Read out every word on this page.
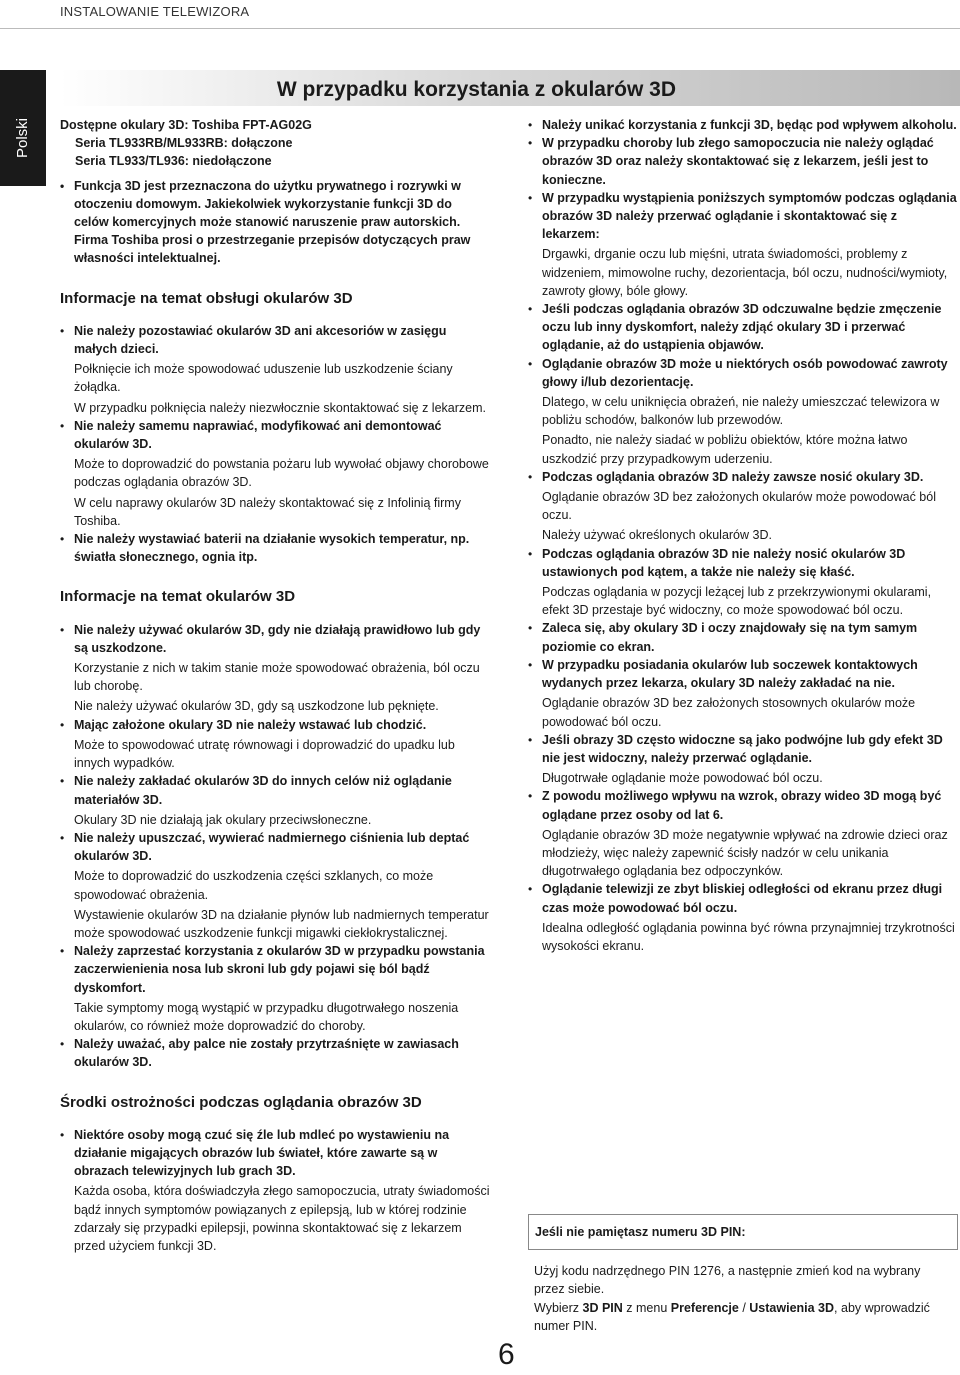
INSTALOWANIE TELEWIZORA
Polski
W przypadku korzystania z okularów 3D

Dostępne okulary 3D: Toshiba FPT-AG02G

Seria TL933RB/ML933RB: dołączone

Seria TL933/TL936: niedołączone

• Funkcja 3D jest przeznaczona do użytku prywatnego i rozrywki w otoczeniu domowym. Jakiekolwiek wykorzystanie funkcji 3D do celów komercyjnych może stanowić naruszenie praw autorskich. Firma Toshiba prosi o przestrzeganie przepisów dotyczących praw własności intelektualnej.
Informacje na temat obsługi okularów 3D

• Nie należy pozostawiać okularów 3D ani akcesoriów w zasięgu małych dzieci.

Połknięcie ich może spowodować uduszenie lub uszkodzenie ściany żołądka.

W przypadku połknięcia należy niezwłocznie skontaktować się z lekarzem.

• Nie należy samemu naprawiać, modyfikować ani demontować okularów 3D.

Może to doprowadzić do powstania pożaru lub wywołać objawy chorobowe podczas oglądania obrazów 3D.

W celu naprawy okularów 3D należy skontaktować się z Infolinią firmy Toshiba.

• Nie należy wystawiać baterii na działanie wysokich temperatur, np. światła słonecznego, ognia itp.

Informacje na temat okularów 3D

• Nie należy używać okularów 3D, gdy nie działają prawidłowo lub gdy są uszkodzone.

Korzystanie z nich w takim stanie może spowodować obrażenia, ból oczu lub chorobę.

Nie należy używać okularów 3D, gdy są uszkodzone lub pęknięte.

• Mając założone okulary 3D nie należy wstawać lub chodzić.

Może to spowodować utratę równowagi i doprowadzić do upadku lub innych wypadków.

• Nie należy zakładać okularów 3D do innych celów niż oglądanie materiałów 3D.

Okulary 3D nie działają jak okulary przeciwsłoneczne.

• Nie należy upuszczać, wywierać nadmiernego ciśnienia lub deptać okularów 3D.

Może to doprowadzić do uszkodzenia części szklanych, co może spowodować obrażenia.

Wystawienie okularów 3D na działanie płynów lub nadmiernych temperatur może spowodować uszkodzenie funkcji migawki ciekłokrystalicznej.

• Należy zaprzestać korzystania z okularów 3D w przypadku powstania zaczerwienienia nosa lub skroni lub gdy pojawi się ból bądź dyskomfort.

Takie symptomy mogą wystąpić w przypadku długotrwałego noszenia okularów, co również może doprowadzić do choroby.

• Należy uważać, aby palce nie zostały przytrzaśnięte w zawiasach okularów 3D.

Środki ostrożności podczas oglądania obrazów 3D

• Niektóre osoby mogą czuć się źle lub mdleć po wystawieniu na działanie migających obrazów lub świateł, które zawarte są w obrazach telewizyjnych lub grach 3D.

Każda osoba, która doświadczyła złego samopoczucia, utraty świadomości bądź innych symptomów powiązanych z epilepsją, lub w której rodzinie zdarzały się przypadki epilepsji, powinna skontaktować się z lekarzem przed użyciem funkcji 3D.

• Należy unikać korzystania z funkcji 3D, będąc pod wpływem alkoholu.

• W przypadku choroby lub złego samopoczucia nie należy oglądać obrazów 3D oraz należy skontaktować się z lekarzem, jeśli jest to konieczne.

• W przypadku wystąpienia poniższych symptomów podczas oglądania obrazów 3D należy przerwać oglądanie i skontaktować się z lekarzem:

Drgawki, drganie oczu lub mięśni, utrata świadomości, problemy z widzeniem, mimowolne ruchy, dezorientacja, ból oczu, nudności/wymioty, zawroty głowy, bóle głowy.

• Jeśli podczas oglądania obrazów 3D odczuwalne będzie zmęczenie oczu lub inny dyskomfort, należy zdjąć okulary 3D i przerwać oglądanie, aż do ustąpienia objawów.

• Oglądanie obrazów 3D może u niektórych osób powodować zawroty głowy i/lub dezorientację.

Dlatego, w celu uniknięcia obrażeń, nie należy umieszczać telewizora w pobliżu schodów, balkonów lub przewodów.

Ponadto, nie należy siadać w pobliżu obiektów, które można łatwo uszkodzić przy przypadkowym uderzeniu.

• Podczas oglądania obrazów 3D należy zawsze nosić okulary 3D.

Oglądanie obrazów 3D bez założonych okularów może powodować ból oczu.

Należy używać określonych okularów 3D.

• Podczas oglądania obrazów 3D nie należy nosić okularów 3D ustawionych pod kątem, a także nie należy się kłaść.

Podczas oglądania w pozycji leżącej lub z przekrzywionymi okularami, efekt 3D przestaje być widoczny, co może spowodować ból oczu.

• Zaleca się, aby okulary 3D i oczy znajdowały się na tym samym poziomie co ekran.

• W przypadku posiadania okularów lub soczewek kontaktowych wydanych przez lekarza, okulary 3D należy zakładać na nie.

Oglądanie obrazów 3D bez założonych stosownych okularów może powodować ból oczu.

• Jeśli obrazy 3D często widoczne są jako podwójne lub gdy efekt 3D nie jest widoczny, należy przerwać oglądanie.

Długotrwałe oglądanie może powodować ból oczu.

• Z powodu możliwego wpływu na wzrok, obrazy wideo 3D mogą być oglądane przez osoby od lat 6.

Oglądanie obrazów 3D może negatywnie wpływać na zdrowie dzieci oraz młodzieży, więc należy zapewnić ścisły nadzór w celu unikania długotrwałego oglądania bez odpoczynków.

• Oglądanie telewizji ze zbyt bliskiej odległości od ekranu przez długi czas może powodować ból oczu.

Idealna odległość oglądania powinna być równa przynajmniej trzykrotności wysokości ekranu.

Jeśli nie pamiętasz numeru 3D PIN:

Użyj kodu nadrzędnego PIN 1276, a następnie zmień kod na wybrany przez siebie.

Wybierz 3D PIN z menu Preferencje / Ustawienia 3D, aby wprowadzić numer PIN.

6
